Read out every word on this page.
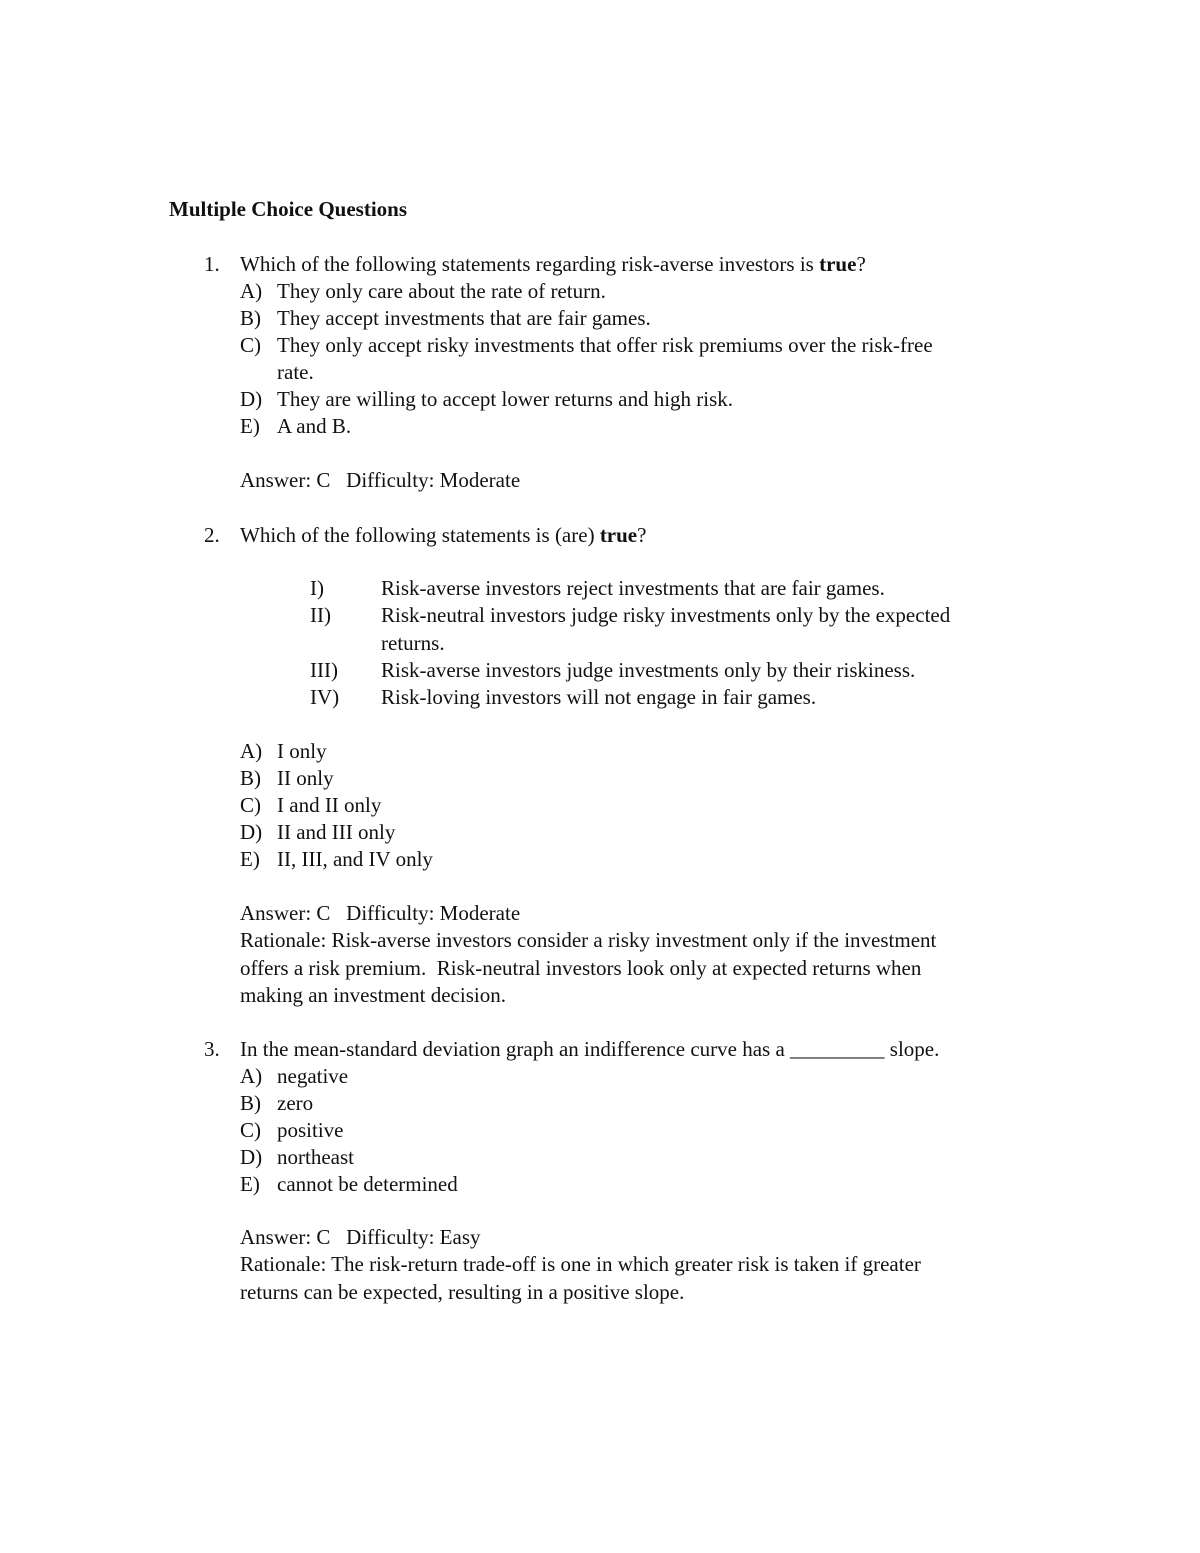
Multiple Choice Questions
1. Which of the following statements regarding risk-averse investors is true?
A) They only care about the rate of return.
B) They accept investments that are fair games.
C) They only accept risky investments that offer risk premiums over the risk-free
rate.
D) They are willing to accept lower returns and high risk.
E) A and B.
Answer: C   Difficulty: Moderate
2. Which of the following statements is (are) true?
I)	Risk-averse investors reject investments that are fair games.
II) Risk-neutral investors judge risky investments only by the expected
returns.
III) Risk-averse investors judge investments only by their riskiness.
IV) Risk-loving investors will not engage in fair games.
A) I only
B) II only
C) I and II only
D) II and III only
E) II, III, and IV only
Answer: C   Difficulty: Moderate
Rationale: Risk-averse investors consider a risky investment only if the investment
offers a risk premium.  Risk-neutral investors look only at expected returns when
making an investment decision.
3. In the mean-standard deviation graph an indifference curve has a _________ slope.
A) negative
B) zero
C) positive
D) northeast
E) cannot be determined
Answer: C   Difficulty: Easy
Rationale: The risk-return trade-off is one in which greater risk is taken if greater
returns can be expected, resulting in a positive slope.
